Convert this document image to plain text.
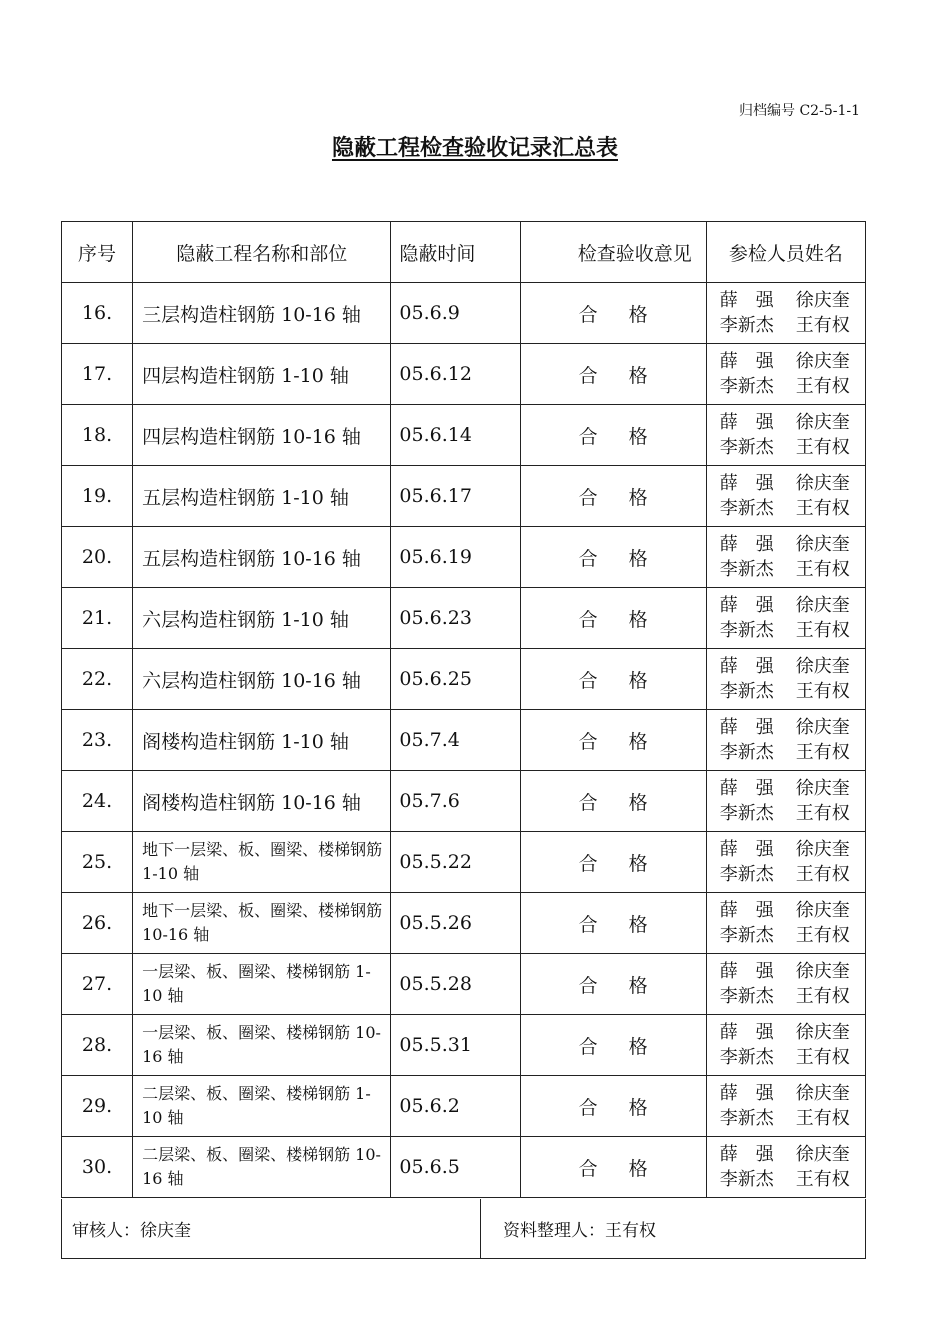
归档编号 C2-5-1-1
隐蔽工程检查验收记录汇总表
序号	隐蔽工程名称和部位	隐蔽时间	检查验收意见	参检人员姓名
16.	三层构造柱钢筋 10-16 轴	05.6.9	合 格	薛　强 徐庆奎
李新杰 王有权

17.	四层构造柱钢筋 1-10 轴	05.6.12	合 格	薛　强 徐庆奎
李新杰 王有权

18.	四层构造柱钢筋 10-16 轴	05.6.14	合 格	薛　强 徐庆奎
李新杰 王有权

19.	五层构造柱钢筋 1-10 轴	05.6.17	合 格	薛　强 徐庆奎
李新杰 王有权

20.	五层构造柱钢筋 10-16 轴	05.6.19	合 格	薛　强 徐庆奎
李新杰 王有权

21.	六层构造柱钢筋 1-10 轴	05.6.23	合 格	薛　强 徐庆奎
李新杰 王有权

22.	六层构造柱钢筋 10-16 轴	05.6.25	合 格	薛　强 徐庆奎
李新杰 王有权

23.	阁楼构造柱钢筋 1-10 轴	05.7.4	合 格	薛　强 徐庆奎
李新杰 王有权

24.	阁楼构造柱钢筋 10-16 轴	05.7.6	合 格	薛　强 徐庆奎
李新杰 王有权

25.	地下一层梁、板、圈梁、楼梯钢筋 1-10 轴	05.5.22	合 格	薛　强 徐庆奎
李新杰 王有权

26.	地下一层梁、板、圈梁、楼梯钢筋 10-16 轴	05.5.26	合 格	薛　强 徐庆奎
李新杰 王有权

27.	一层梁、板、圈梁、楼梯钢筋 1-10 轴	05.5.28	合 格	薛　强 徐庆奎
李新杰 王有权

28.	一层梁、板、圈梁、楼梯钢筋 10-16 轴	05.5.31	合 格	薛　强 徐庆奎
李新杰 王有权

29.	二层梁、板、圈梁、楼梯钢筋 1-10 轴	05.6.2	合 格	薛　强 徐庆奎
李新杰 王有权

30.	二层梁、板、圈梁、楼梯钢筋 10-16 轴	05.6.5	合 格	薛　强 徐庆奎
李新杰 王有权
审核人：徐庆奎	资料整理人：王有权
